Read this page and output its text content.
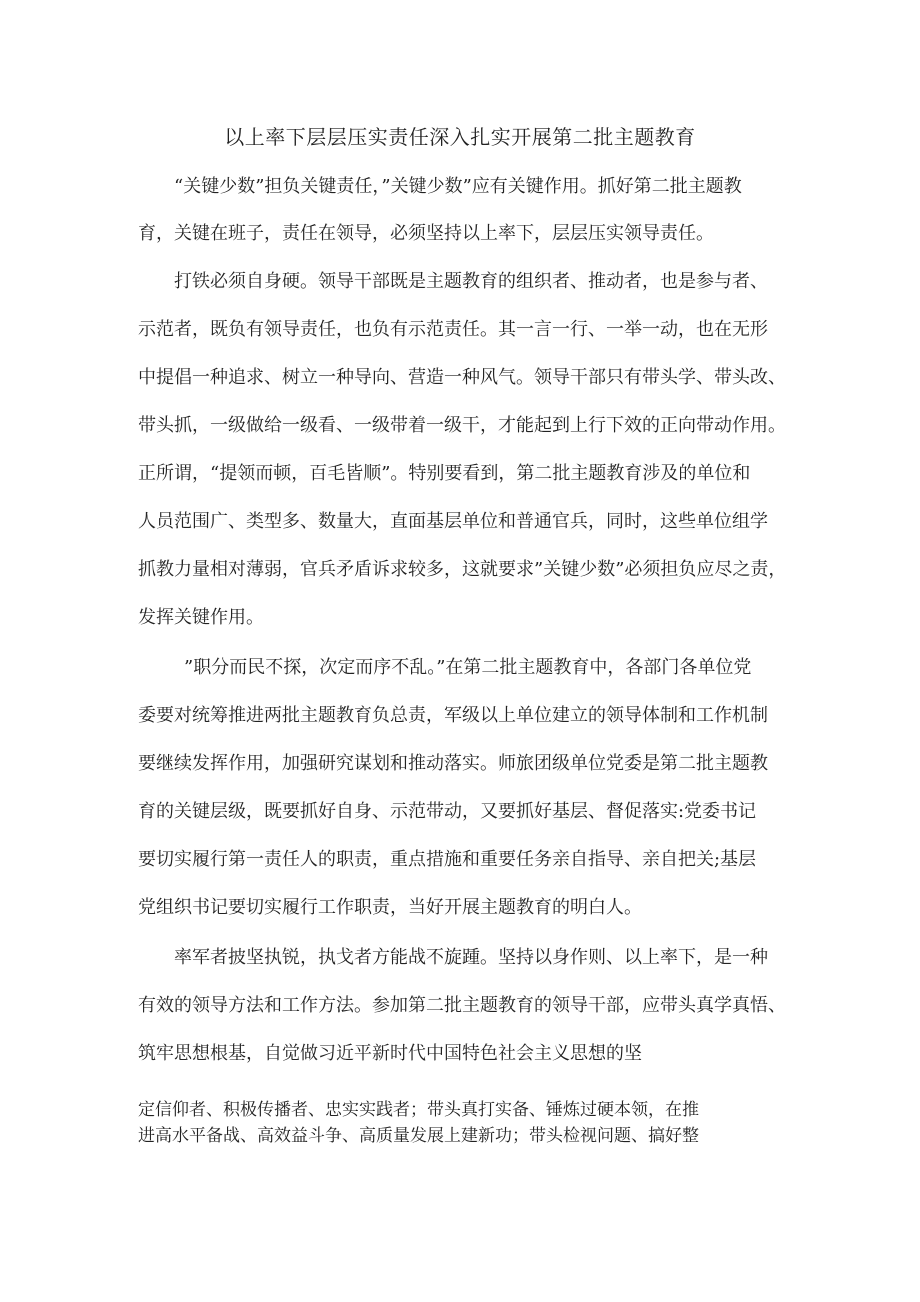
以上率下层层压实责任深入扎实开展第二批主题教育
“关键少数”担负关键责任，”关键少数”应有关键作用。抓好第二批主题教
育，关键在班子，责任在领导，必须坚持以上率下，层层压实领导责任。
打铁必须自身硬。领导干部既是主题教育的组织者、推动者，也是参与者、
示范者，既负有领导责任，也负有示范责任。其一言一行、一举一动，也在无形
中提倡一种追求、树立一种导向、营造一种风气。领导干部只有带头学、带头改、
带头抓，一级做给一级看、一级带着一级干，才能起到上行下效的正向带动作用。
正所谓，“提领而顿，百毛皆顺”。特别要看到，第二批主题教育涉及的单位和
人员范围广、类型多、数量大，直面基层单位和普通官兵，同时，这些单位组学
抓教力量相对薄弱，官兵矛盾诉求较多，这就要求”关键少数”必须担负应尽之责，
发挥关键作用。
”职分而民不探，次定而序不乱。”在第二批主题教育中，各部门各单位党
委要对统筹推进两批主题教育负总责，军级以上单位建立的领导体制和工作机制
要继续发挥作用，加强研究谋划和推动落实。师旅团级单位党委是第二批主题教
育的关键层级，既要抓好自身、示范带动，又要抓好基层、督促落实:党委书记
要切实履行第一责任人的职责，重点措施和重要任务亲自指导、亲自把关;基层
党组织书记要切实履行工作职责，当好开展主题教育的明白人。
率军者披坚执锐，执戈者方能战不旋踵。坚持以身作则、以上率下，是一种
有效的领导方法和工作方法。参加第二批主题教育的领导干部，应带头真学真悟、
筑牢思想根基，自觉做习近平新时代中国特色社会主义思想的坚
定信仰者、积极传播者、忠实实践者；带头真打实备、锤炼过硬本领，在推
进高水平备战、高效益斗争、高质量发展上建新功；带头检视问题、搞好整
